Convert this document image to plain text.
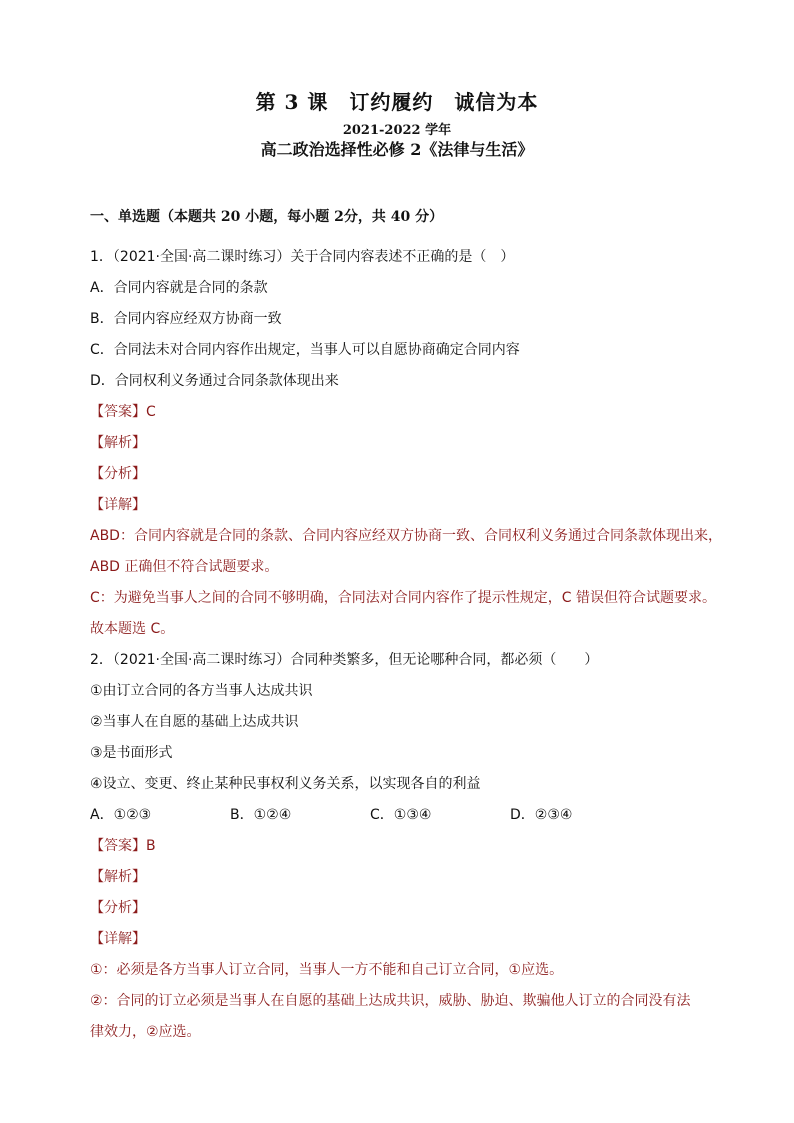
第 3 课　订约履约　诚信为本
2021-2022 学年
高二政治选择性必修 2《法律与生活》
一、单选题（本题共 20 小题，每小题 2分，共 40 分）
1．（2021·全国·高二课时练习）关于合同内容表述不正确的是（　）
A．合同内容就是合同的条款
B．合同内容应经双方协商一致
C．合同法未对合同内容作出规定，当事人可以自愿协商确定合同内容
D．合同权利义务通过合同条款体现出来
【答案】C
【解析】
【分析】
【详解】
ABD：合同内容就是合同的条款、合同内容应经双方协商一致、合同权利义务通过合同条款体现出来，
ABD 正确但不符合试题要求。
C：为避免当事人之间的合同不够明确，合同法对合同内容作了提示性规定，C 错误但符合试题要求。
故本题选 C。
2．（2021·全国·高二课时练习）合同种类繁多，但无论哪种合同，都必须（　　）
①由订立合同的各方当事人达成共识
②当事人在自愿的基础上达成共识
③是书面形式
④设立、变更、终止某种民事权利义务关系，以实现各自的利益
A．①②③	B．①②④	C．①③④	D．②③④
【答案】B
【解析】
【分析】
【详解】
①：必须是各方当事人订立合同，当事人一方不能和自己订立合同，①应选。
②：合同的订立必须是当事人在自愿的基础上达成共识，威胁、胁迫、欺骗他人订立的合同没有法
律效力，②应选。
